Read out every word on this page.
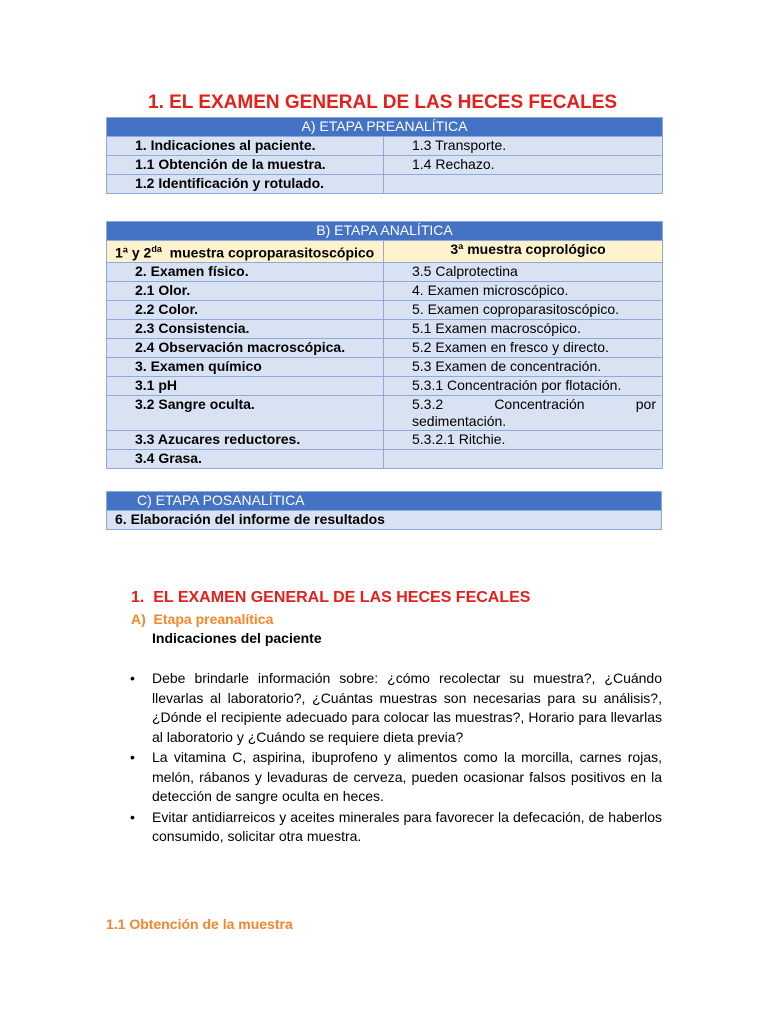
1. EL EXAMEN GENERAL DE LAS HECES FECALES
A) ETAPA PREANALÍTICA	
1. Indicaciones al paciente.	1.3 Transporte.
1.1 Obtención de la muestra.	1.4 Rechazo.
1.2 Identificación y rotulado.	
B) ETAPA ANALÍTICA	
1ª y $2^{da}$  muestra coproparasitoscópico	3ª muestra coprológico
2. Examen físico.	3.5 Calprotectina
2.1 Olor.	4. Examen microscópico.
2.2 Color.	5. Examen coproparasitoscópico.
2.3 Consistencia.	5.1 Examen macroscópico.
2.4 Observación macroscópica.	5.2 Examen en fresco y directo.
3. Examen químico	5.3 Examen de concentración.
3.1 pH	5.3.1 Concentración por flotación.
3.2 Sangre oculta.	5.3.2 Concentración por sedimentación.
3.3 Azucares reductores.	5.3.2.1 Ritchie.
3.4 Grasa.	
C) ETAPA POSANALÍTICA
6. Elaboración del informe de resultados
1.  EL EXAMEN GENERAL DE LAS HECES FECALES
A)  Etapa preanalítica
Indicaciones del paciente
• Debe brindarle información sobre: ¿cómo recolectar su muestra?, ¿Cuándo llevarlas al laboratorio?, ¿Cuántas muestras son necesarias para su análisis?, ¿Dónde el recipiente adecuado para colocar las muestras?, Horario para llevarlas al laboratorio y ¿Cuándo se requiere dieta previa?
• La vitamina C, aspirina, ibuprofeno y alimentos como la morcilla, carnes rojas, melón, rábanos y levaduras de cerveza, pueden ocasionar falsos positivos en la detección de sangre oculta en heces.
• Evitar antidiarreicos y aceites minerales para favorecer la defecación, de haberlos consumido, solicitar otra muestra.
1.1 Obtención de la muestra
